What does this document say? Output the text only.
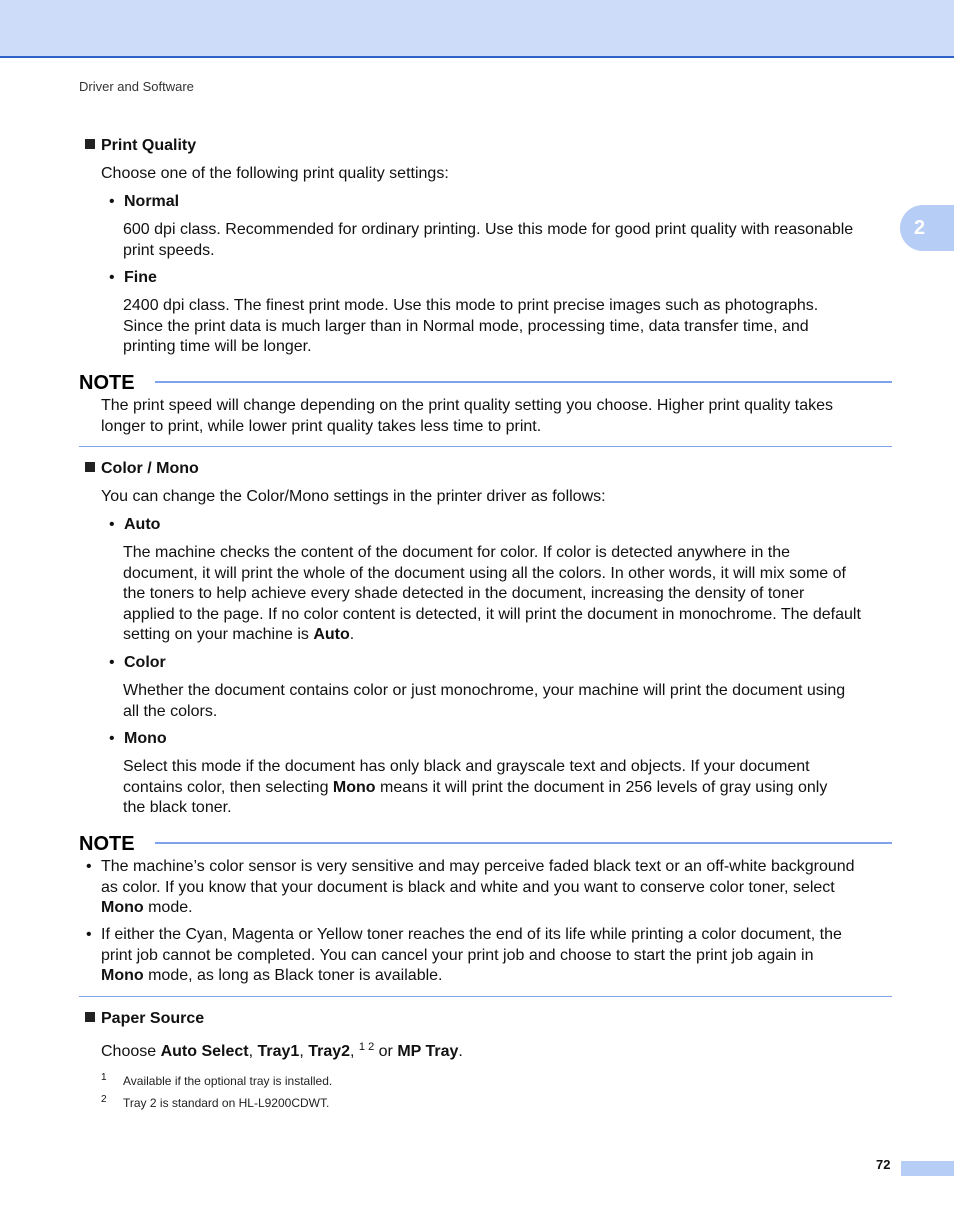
Driver and Software
2
Print Quality
Choose one of the following print quality settings:
• Normal
600 dpi class. Recommended for ordinary printing. Use this mode for good print quality with reasonable
print speeds.
• Fine
2400 dpi class. The finest print mode. Use this mode to print precise images such as photographs.
Since the print data is much larger than in Normal mode, processing time, data transfer time, and
printing time will be longer.
NOTE
The print speed will change depending on the print quality setting you choose. Higher print quality takes
longer to print, while lower print quality takes less time to print.
Color / Mono
You can change the Color/Mono settings in the printer driver as follows:
• Auto
The machine checks the content of the document for color. If color is detected anywhere in the
document, it will print the whole of the document using all the colors. In other words, it will mix some of
the toners to help achieve every shade detected in the document, increasing the density of toner
applied to the page. If no color content is detected, it will print the document in monochrome. The default
setting on your machine is Auto.
• Color
Whether the document contains color or just monochrome, your machine will print the document using
all the colors.
• Mono
Select this mode if the document has only black and grayscale text and objects. If your document
contains color, then selecting Mono means it will print the document in 256 levels of gray using only
the black toner.
NOTE
• The machine’s color sensor is very sensitive and may perceive faded black text or an off-white background
as color. If you know that your document is black and white and you want to conserve color toner, select
Mono mode.
• If either the Cyan, Magenta or Yellow toner reaches the end of its life while printing a color document, the
print job cannot be completed. You can cancel your print job and choose to start the print job again in
Mono mode, as long as Black toner is available.
Paper Source
Choose Auto Select, Tray1, Tray2, $^{1 2}$ or MP Tray.
1 Available if the optional tray is installed.
2 Tray 2 is standard on HL-L9200CDWT.
72
